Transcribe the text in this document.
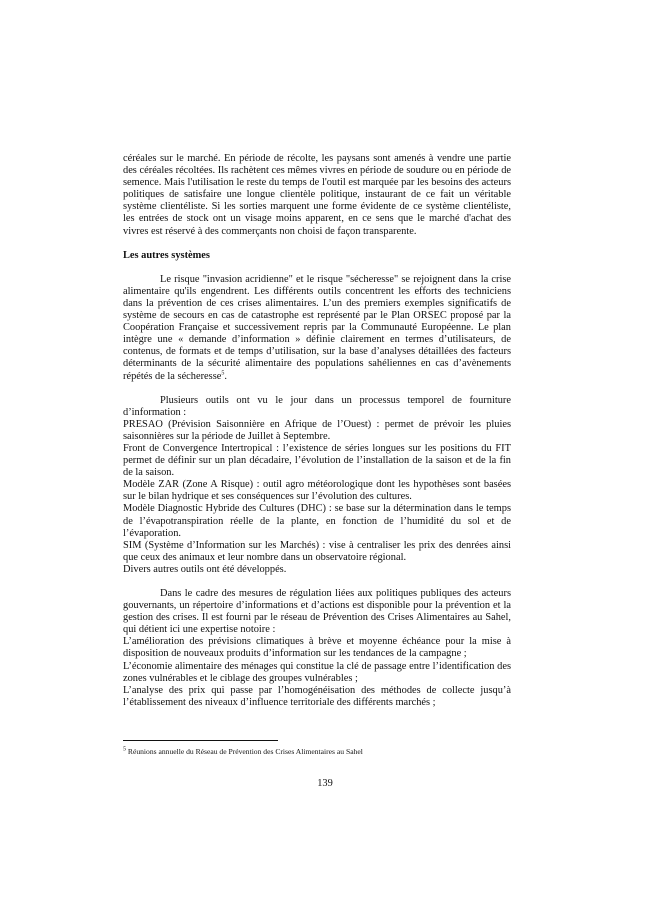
céréales sur le marché. En période de récolte, les paysans sont amenés à vendre une partie des céréales récoltées. Ils rachètent ces mêmes vivres en période de soudure ou en période de semence. Mais l'utilisation le reste du temps de l'outil est marquée par les besoins des acteurs politiques de satisfaire une longue clientèle politique, instaurant de ce fait un véritable système clientéliste. Si les sorties marquent une forme évidente de ce système clientéliste, les entrées de stock ont un visage moins apparent, en ce sens que le marché d'achat des vivres est réservé à des commerçants non choisi de façon transparente.

Les autres systèmes

Le risque "invasion acridienne" et le risque "sécheresse" se rejoignent dans la crise alimentaire qu'ils engendrent. Les différents outils concentrent les efforts des techniciens dans la prévention de ces crises alimentaires. L’un des premiers exemples significatifs de système de secours en cas de catastrophe est représenté par le Plan ORSEC proposé par la Coopération Française et successivement repris par la Communauté Européenne. Le plan intègre une « demande d’information » définie clairement en termes d’utilisateurs, de contenus, de formats et de temps d’utilisation, sur la base d’analyses détaillées des facteurs déterminants de la sécurité alimentaire des populations sahéliennes en cas d’avènements répétés de la sécheresse$^5$.

Plusieurs outils ont vu le jour dans un processus temporel de fourniture d’information :

PRESAO (Prévision Saisonnière en Afrique de l’Ouest) : permet de prévoir les pluies saisonnières sur la période de Juillet à Septembre.

Front de Convergence Intertropical : l’existence de séries longues sur les positions du FIT permet de définir sur un plan décadaire, l’évolution de l’installation de la saison et de la fin de la saison.

Modèle ZAR (Zone A Risque) : outil agro météorologique dont les hypothèses sont basées sur le bilan hydrique et ses conséquences sur l’évolution des cultures.

Modèle Diagnostic Hybride des Cultures (DHC) : se base sur la détermination dans le temps de l’évapotranspiration réelle de la plante, en fonction de l’humidité du sol et de l’évaporation.

SIM (Système d’Information sur les Marchés) : vise à centraliser les prix des denrées ainsi que ceux des animaux et leur nombre dans un observatoire régional.

Divers autres outils ont été développés.

Dans le cadre des mesures de régulation liées aux politiques publiques des acteurs gouvernants, un répertoire d’informations et d’actions est disponible pour la prévention et la gestion des crises. Il est fourni par le réseau de Prévention des Crises Alimentaires au Sahel, qui détient ici une expertise notoire :

L’amélioration des prévisions climatiques à brève et moyenne échéance pour la mise à disposition de nouveaux produits d’information sur les tendances de la campagne ;

L’économie alimentaire des ménages qui constitue la clé de passage entre l’identification des zones vulnérables et le ciblage des groupes vulnérables ;

L’analyse des prix qui passe par l’homogénéisation des méthodes de collecte jusqu’à l’établissement des niveaux d’influence territoriale des différents marchés ;

$^5$ Réunions annuelle du Réseau de Prévention des Crises Alimentaires au Sahel
139
